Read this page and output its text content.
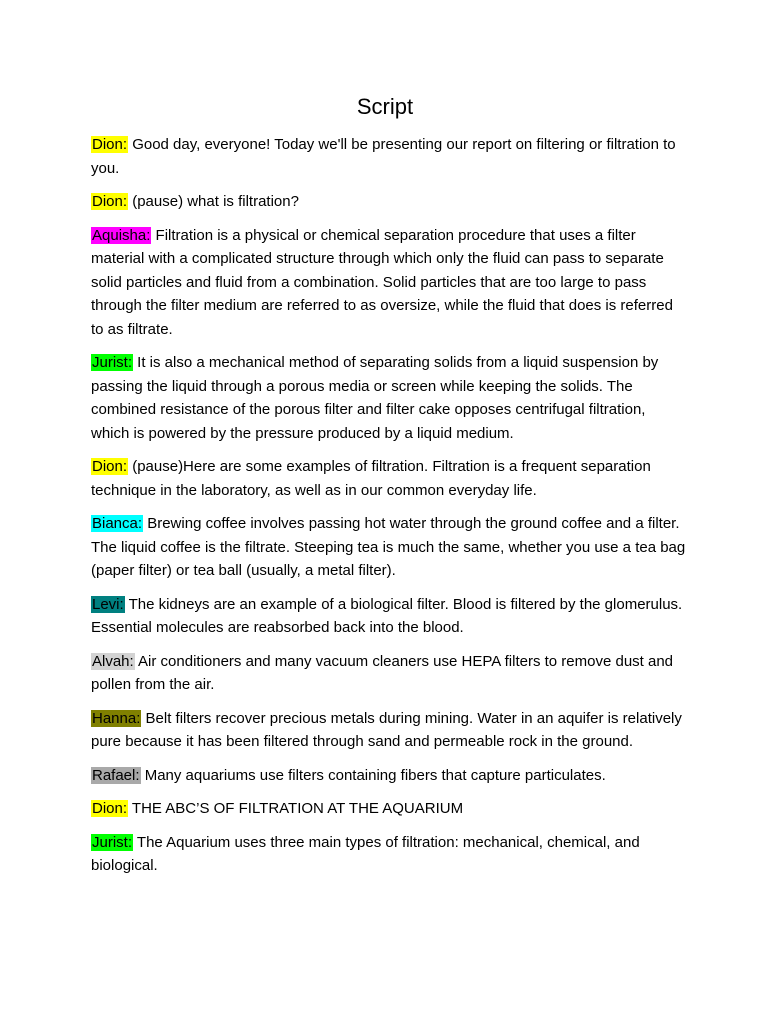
Script

Dion: Good day, everyone! Today we'll be presenting our report on filtering or filtration to you.

Dion: (pause) what is filtration?

Aquisha: Filtration is a physical or chemical separation procedure that uses a filter material with a complicated structure through which only the fluid can pass to separate solid particles and fluid from a combination. Solid particles that are too large to pass through the filter medium are referred to as oversize, while the fluid that does is referred to as filtrate.

Jurist: It is also a mechanical method of separating solids from a liquid suspension by passing the liquid through a porous media or screen while keeping the solids. The combined resistance of the porous filter and filter cake opposes centrifugal filtration, which is powered by the pressure produced by a liquid medium.

Dion: (pause)Here are some examples of filtration. Filtration is a frequent separation technique in the laboratory, as well as in our common everyday life.

Bianca: Brewing coffee involves passing hot water through the ground coffee and a filter. The liquid coffee is the filtrate. Steeping tea is much the same, whether you use a tea bag (paper filter) or tea ball (usually, a metal filter).

Levi: The kidneys are an example of a biological filter. Blood is filtered by the glomerulus. Essential molecules are reabsorbed back into the blood.

Alvah: Air conditioners and many vacuum cleaners use HEPA filters to remove dust and pollen from the air.

Hanna: Belt filters recover precious metals during mining. Water in an aquifer is relatively pure because it has been filtered through sand and permeable rock in the ground.

Rafael: Many aquariums use filters containing fibers that capture particulates.

Dion: THE ABC’S OF FILTRATION AT THE AQUARIUM

Jurist: The Aquarium uses three main types of filtration: mechanical, chemical, and biological.
